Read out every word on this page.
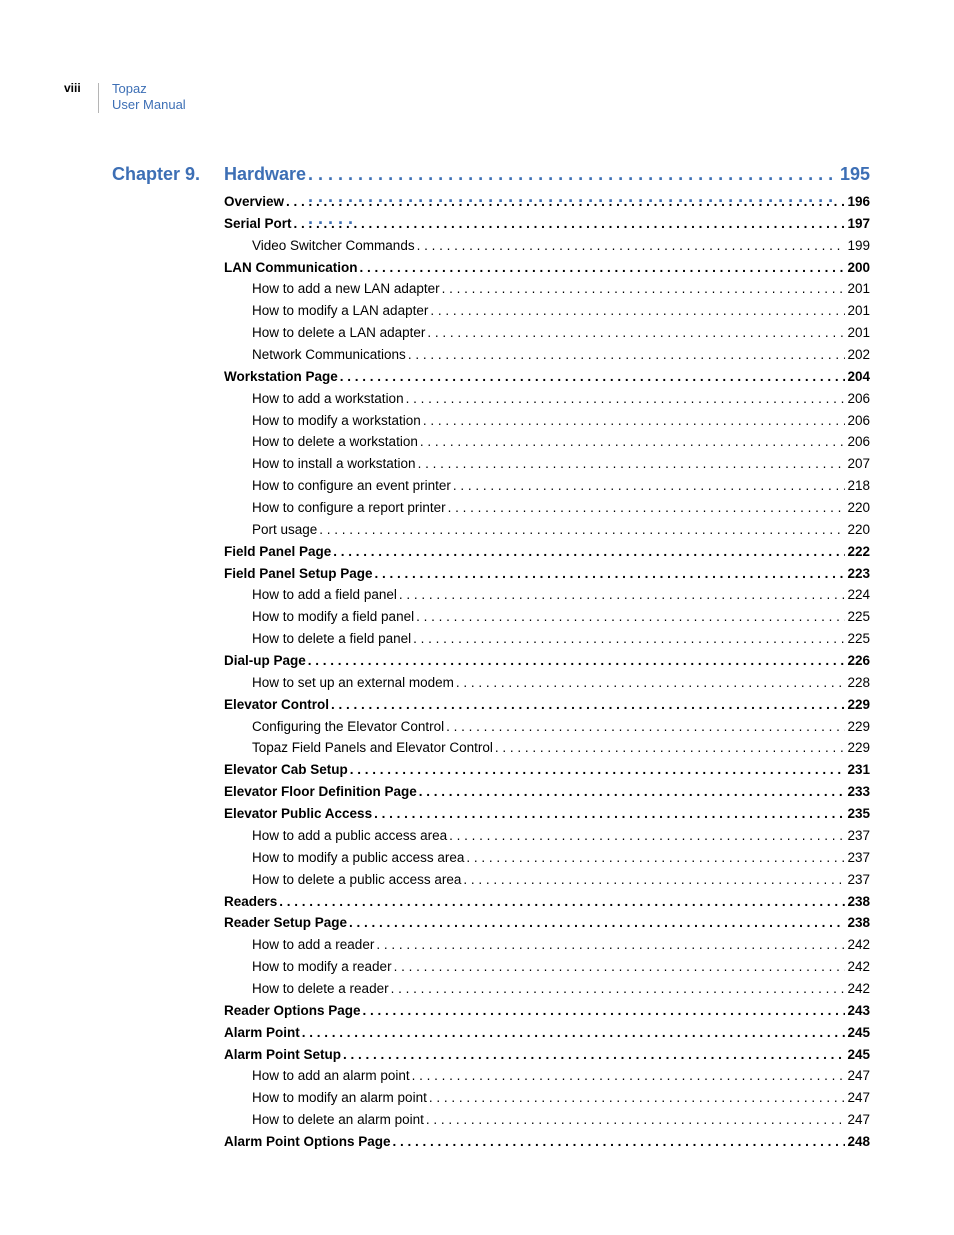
viii	Topaz
User Manual
Chapter 9. Hardware . . .	195
Overview . . .	196
Serial Port . . .	197
Video Switcher Commands . . .	199
LAN Communication . . .	200
How to add a new LAN adapter . . .	201
How to modify a LAN adapter . . .	201
How to delete a LAN adapter . . .	201
Network Communications . . .	202
Workstation Page . . .	204
How to add a workstation . . .	206
How to modify a workstation . . .	206
How to delete a workstation . . .	206
How to install a workstation . . .	207
How to configure an event printer . . .	218
How to configure a report printer . . .	220
Port usage . . .	220
Field Panel Page . . .	222
Field Panel Setup Page . . .	223
How to add a field panel . . .	224
How to modify a field panel . . .	225
How to delete a field panel . . .	225
Dial-up Page . . .	226
How to set up an external modem . . .	228
Elevator Control . . .	229
Configuring the Elevator Control . . .	229
Topaz Field Panels and Elevator Control . . .	229
Elevator Cab Setup . . .	231
Elevator Floor Definition Page . . .	233
Elevator Public Access . . .	235
How to add a public access area . . .	237
How to modify a public access area . . .	237
How to delete a public access area . . .	237
Readers . . .	238
Reader Setup Page . . .	238
How to add a reader . . .	242
How to modify a reader . . .	242
How to delete a reader . . .	242
Reader Options Page . . .	243
Alarm Point . . .	245
Alarm Point Setup . . .	245
How to add an alarm point . . .	247
How to modify an alarm point . . .	247
How to delete an alarm point . . .	247
Alarm Point Options Page . . .	248
